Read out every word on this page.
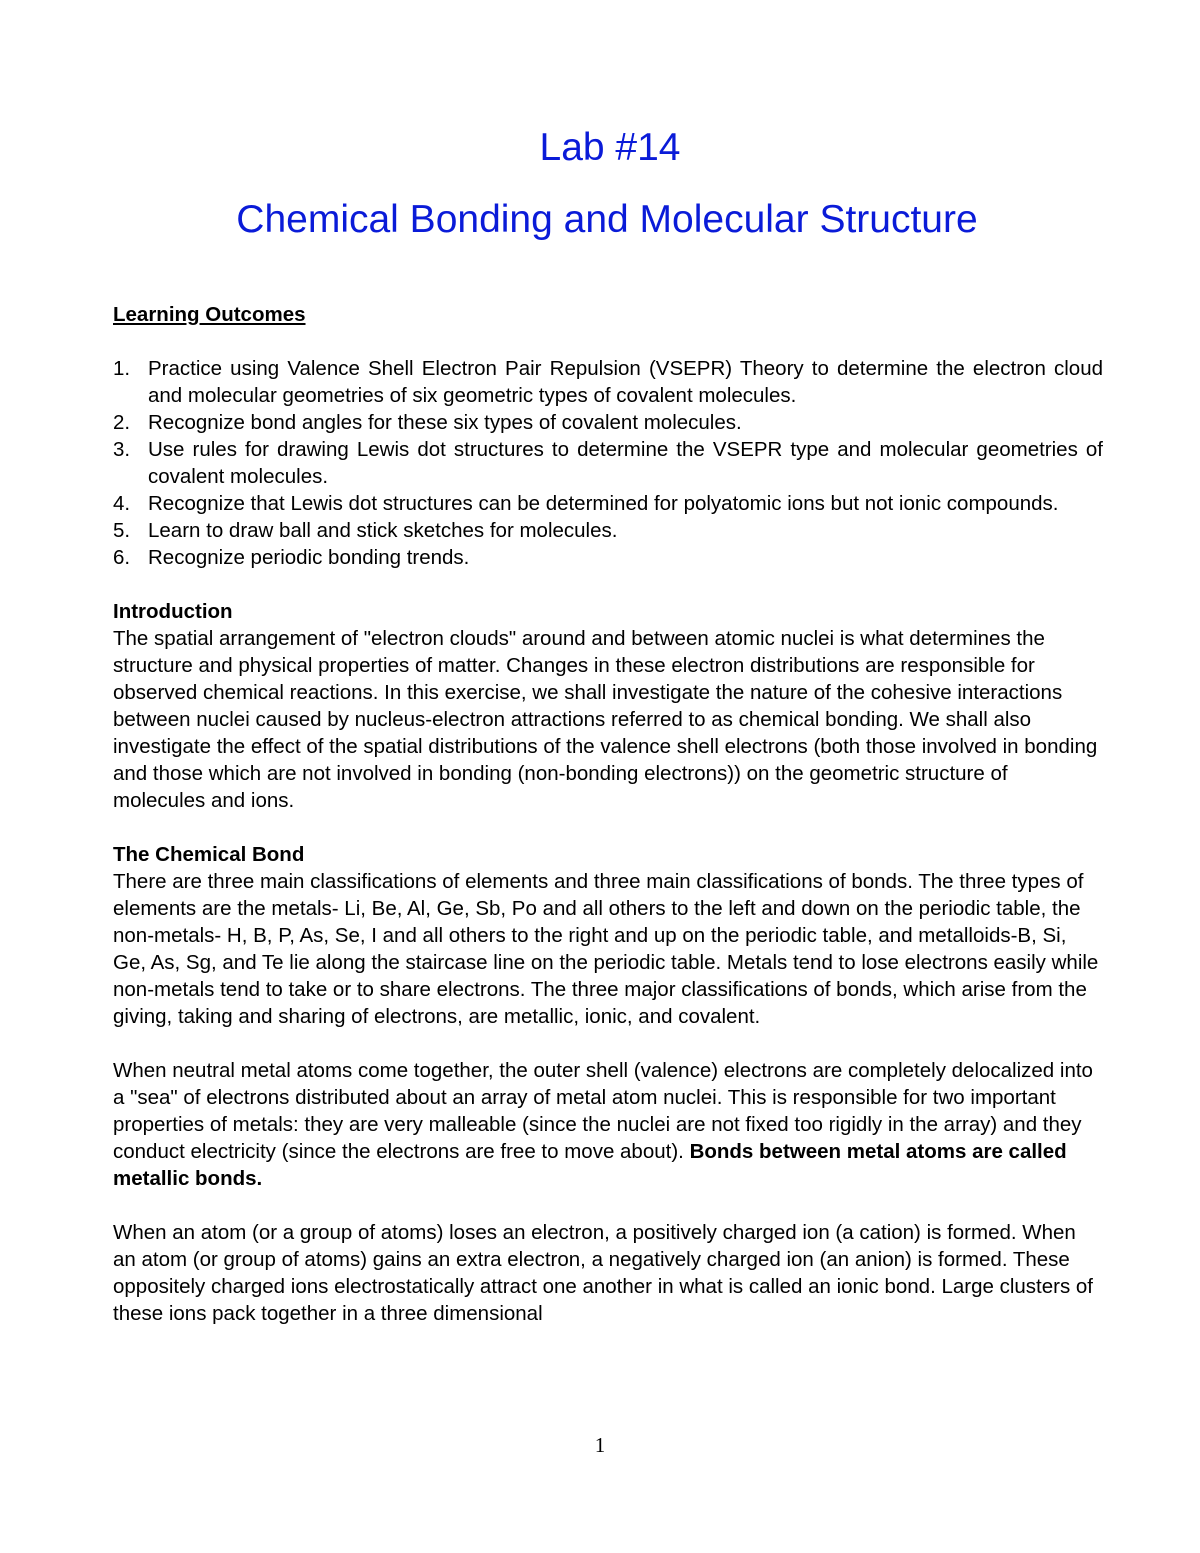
Lab #14
Chemical Bonding and Molecular Structure
Learning Outcomes
1. Practice using Valence Shell Electron Pair Repulsion (VSEPR) Theory to determine the electron cloud and molecular geometries of six geometric types of covalent molecules.
2. Recognize bond angles for these six types of covalent molecules.
3. Use rules for drawing Lewis dot structures to determine the VSEPR type and molecular geometries of covalent molecules.
4. Recognize that Lewis dot structures can be determined for polyatomic ions but not ionic compounds.
5. Learn to draw ball and stick sketches for molecules.
6. Recognize periodic bonding trends.
Introduction
The spatial arrangement of "electron clouds" around and between atomic nuclei is what determines the structure and physical properties of matter. Changes in these electron distributions are responsible for observed chemical reactions. In this exercise, we shall investigate the nature of the cohesive interactions between nuclei caused by nucleus-electron attractions referred to as chemical bonding. We shall also investigate the effect of the spatial distributions of the valence shell electrons (both those involved in bonding and those which are not involved in bonding (non-bonding electrons)) on the geometric structure of molecules and ions.
The Chemical Bond
There are three main classifications of elements and three main classifications of bonds. The three types of elements are the metals- Li, Be, Al, Ge, Sb, Po and all others to the left and down on the periodic table, the non-metals- H, B, P, As, Se, I and all others to the right and up on the periodic table, and metalloids-B, Si, Ge, As, Sg, and Te lie along the staircase line on the periodic table. Metals tend to lose electrons easily while non-metals tend to take or to share electrons. The three major classifications of bonds, which arise from the giving, taking and sharing of electrons, are metallic, ionic, and covalent.
When neutral metal atoms come together, the outer shell (valence) electrons are completely delocalized into a "sea" of electrons distributed about an array of metal atom nuclei. This is responsible for two important properties of metals: they are very malleable (since the nuclei are not fixed too rigidly in the array) and they conduct electricity (since the electrons are free to move about). Bonds between metal atoms are called metallic bonds.
When an atom (or a group of atoms) loses an electron, a positively charged ion (a cation) is formed. When an atom (or group of atoms) gains an extra electron, a negatively charged ion (an anion) is formed. These oppositely charged ions electrostatically attract one another in what is called an ionic bond. Large clusters of these ions pack together in a three dimensional
1
